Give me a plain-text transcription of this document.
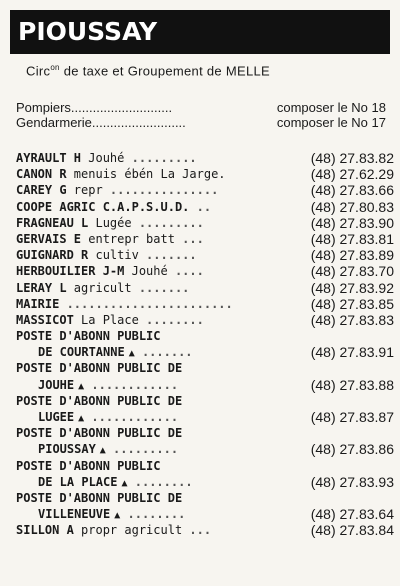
PIOUSSAY
Circ$^{on}$ de taxe et Groupement de MELLE
Pompiers............................	composer le No 18
Gendarmerie..........................	composer le No 17
AYRAULT H Jouhé .........	(48) 27.83.82
CANON R menuis ébén La Jarge.	(48) 27.62.29
CAREY G repr ...............	(48) 27.83.66
COOPE AGRIC C.A.P.S.U.D. ..	(48) 27.80.83
FRAGNEAU L Lugée .........	(48) 27.83.90
GERVAIS E entrepr batt ...	(48) 27.83.81
GUIGNARD R cultiv .......	(48) 27.83.89
HERBOUILIER J-M Jouhé ....	(48) 27.83.70
LERAY L agricult .......	(48) 27.83.92
MAIRIE .......................	(48) 27.83.85
MASSICOT La Place ........	(48) 27.83.83
POSTE D'ABONN PUBLIC
DE COURTANNE ▲ .......	(48) 27.83.91
POSTE D'ABONN PUBLIC DE
JOUHE ▲ ............	(48) 27.83.88
POSTE D'ABONN PUBLIC DE
LUGEE ▲ ............	(48) 27.83.87
POSTE D'ABONN PUBLIC DE
PIOUSSAY ▲ .........	(48) 27.83.86
POSTE D'ABONN PUBLIC
DE LA PLACE ▲ ........	(48) 27.83.93
POSTE D'ABONN PUBLIC DE
VILLENEUVE ▲ ........	(48) 27.83.64
SILLON A propr agricult ...	(48) 27.83.84
